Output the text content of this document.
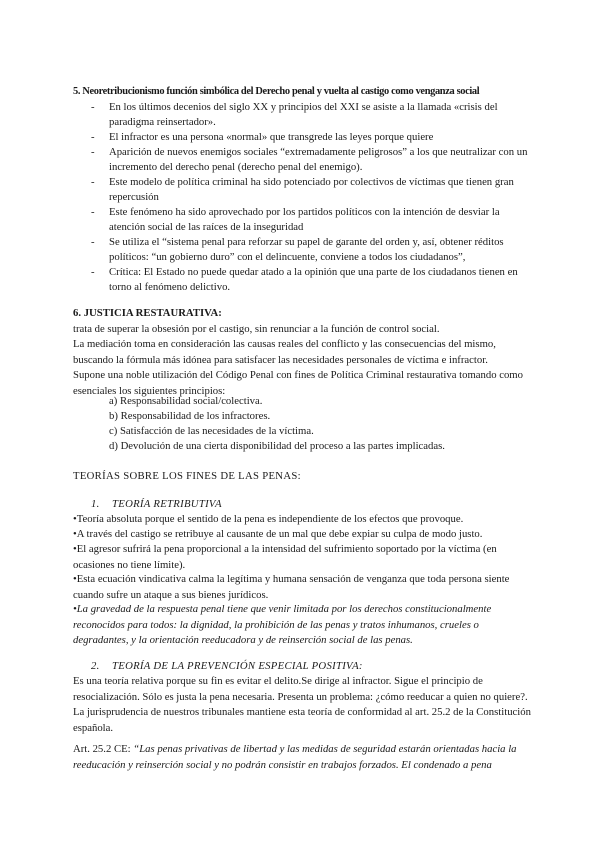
5. Neoretribucionismo función simbólica del Derecho penal y vuelta al castigo como venganza social
- En los últimos decenios del siglo XX y principios del XXI se asiste a la llamada «crisis del paradigma reinsertador».
- El infractor es una persona «normal» que transgrede las leyes porque quiere
- Aparición de nuevos enemigos sociales “extremadamente peligrosos” a los que neutralizar con un incremento del derecho penal (derecho penal del enemigo).
- Este modelo de política criminal ha sido potenciado por colectivos de víctimas que tienen gran repercusión
- Este fenómeno ha sido aprovechado por los partidos políticos con la intención de desviar la atención social de las raíces de la inseguridad
- Se utiliza el “sistema penal para reforzar su papel de garante del orden y, así, obtener réditos políticos: “un gobierno duro” con el delincuente, conviene a todos los ciudadanos”,
- Crítica: El Estado no puede quedar atado a la opinión que una parte de los ciudadanos tienen en torno al fenómeno delictivo.
6. JUSTICIA RESTAURATIVA:
trata de superar la obsesión por el castigo, sin renunciar a la función de control social.
La mediación toma en consideración las causas reales del conflicto y las consecuencias del mismo, buscando la fórmula más idónea para satisfacer las necesidades personales de víctima e infractor.
Supone una noble utilización del Código Penal con fines de Política Criminal restaurativa tomando como esenciales los siguientes principios:
a) Responsabilidad social/colectiva.
b) Responsabilidad de los infractores.
c) Satisfacción de las necesidades de la víctima.
d) Devolución de una cierta disponibilidad del proceso a las partes implicadas.
TEORÍAS SOBRE LOS FINES DE LAS PENAS:
1. TEORÍA RETRIBUTIVA
•Teoría absoluta porque el sentido de la pena es independiente de los efectos que provoque.
•A través del castigo se retribuye al causante de un mal que debe expiar su culpa de modo justo.
•El agresor sufrirá la pena proporcional a la intensidad del sufrimiento soportado por la víctima (en ocasiones no tiene límite).
•Esta ecuación vindicativa calma la legítima y humana sensación de venganza que toda persona siente cuando sufre un ataque a sus bienes jurídicos.
•La gravedad de la respuesta penal tiene que venir limitada por los derechos constitucionalmente reconocidos para todos: la dignidad, la prohibición de las penas y tratos inhumanos, crueles o degradantes, y la orientación reeducadora y de reinserción social de las penas.
2. TEORÍA DE LA PREVENCIÓN ESPECIAL POSITIVA:
Es una teoría relativa porque su fin es evitar el delito.Se dirige al infractor. Sigue el principio de resocialización. Sólo es justa la pena necesaria. Presenta un problema: ¿cómo reeducar a quien no quiere?. La jurisprudencia de nuestros tribunales mantiene esta teoría de conformidad al art. 25.2 de la Constitución española.
Art. 25.2 CE: “Las penas privativas de libertad y las medidas de seguridad estarán orientadas hacia la reeducación y reinserción social y no podrán consistir en trabajos forzados. El condenado a pena
